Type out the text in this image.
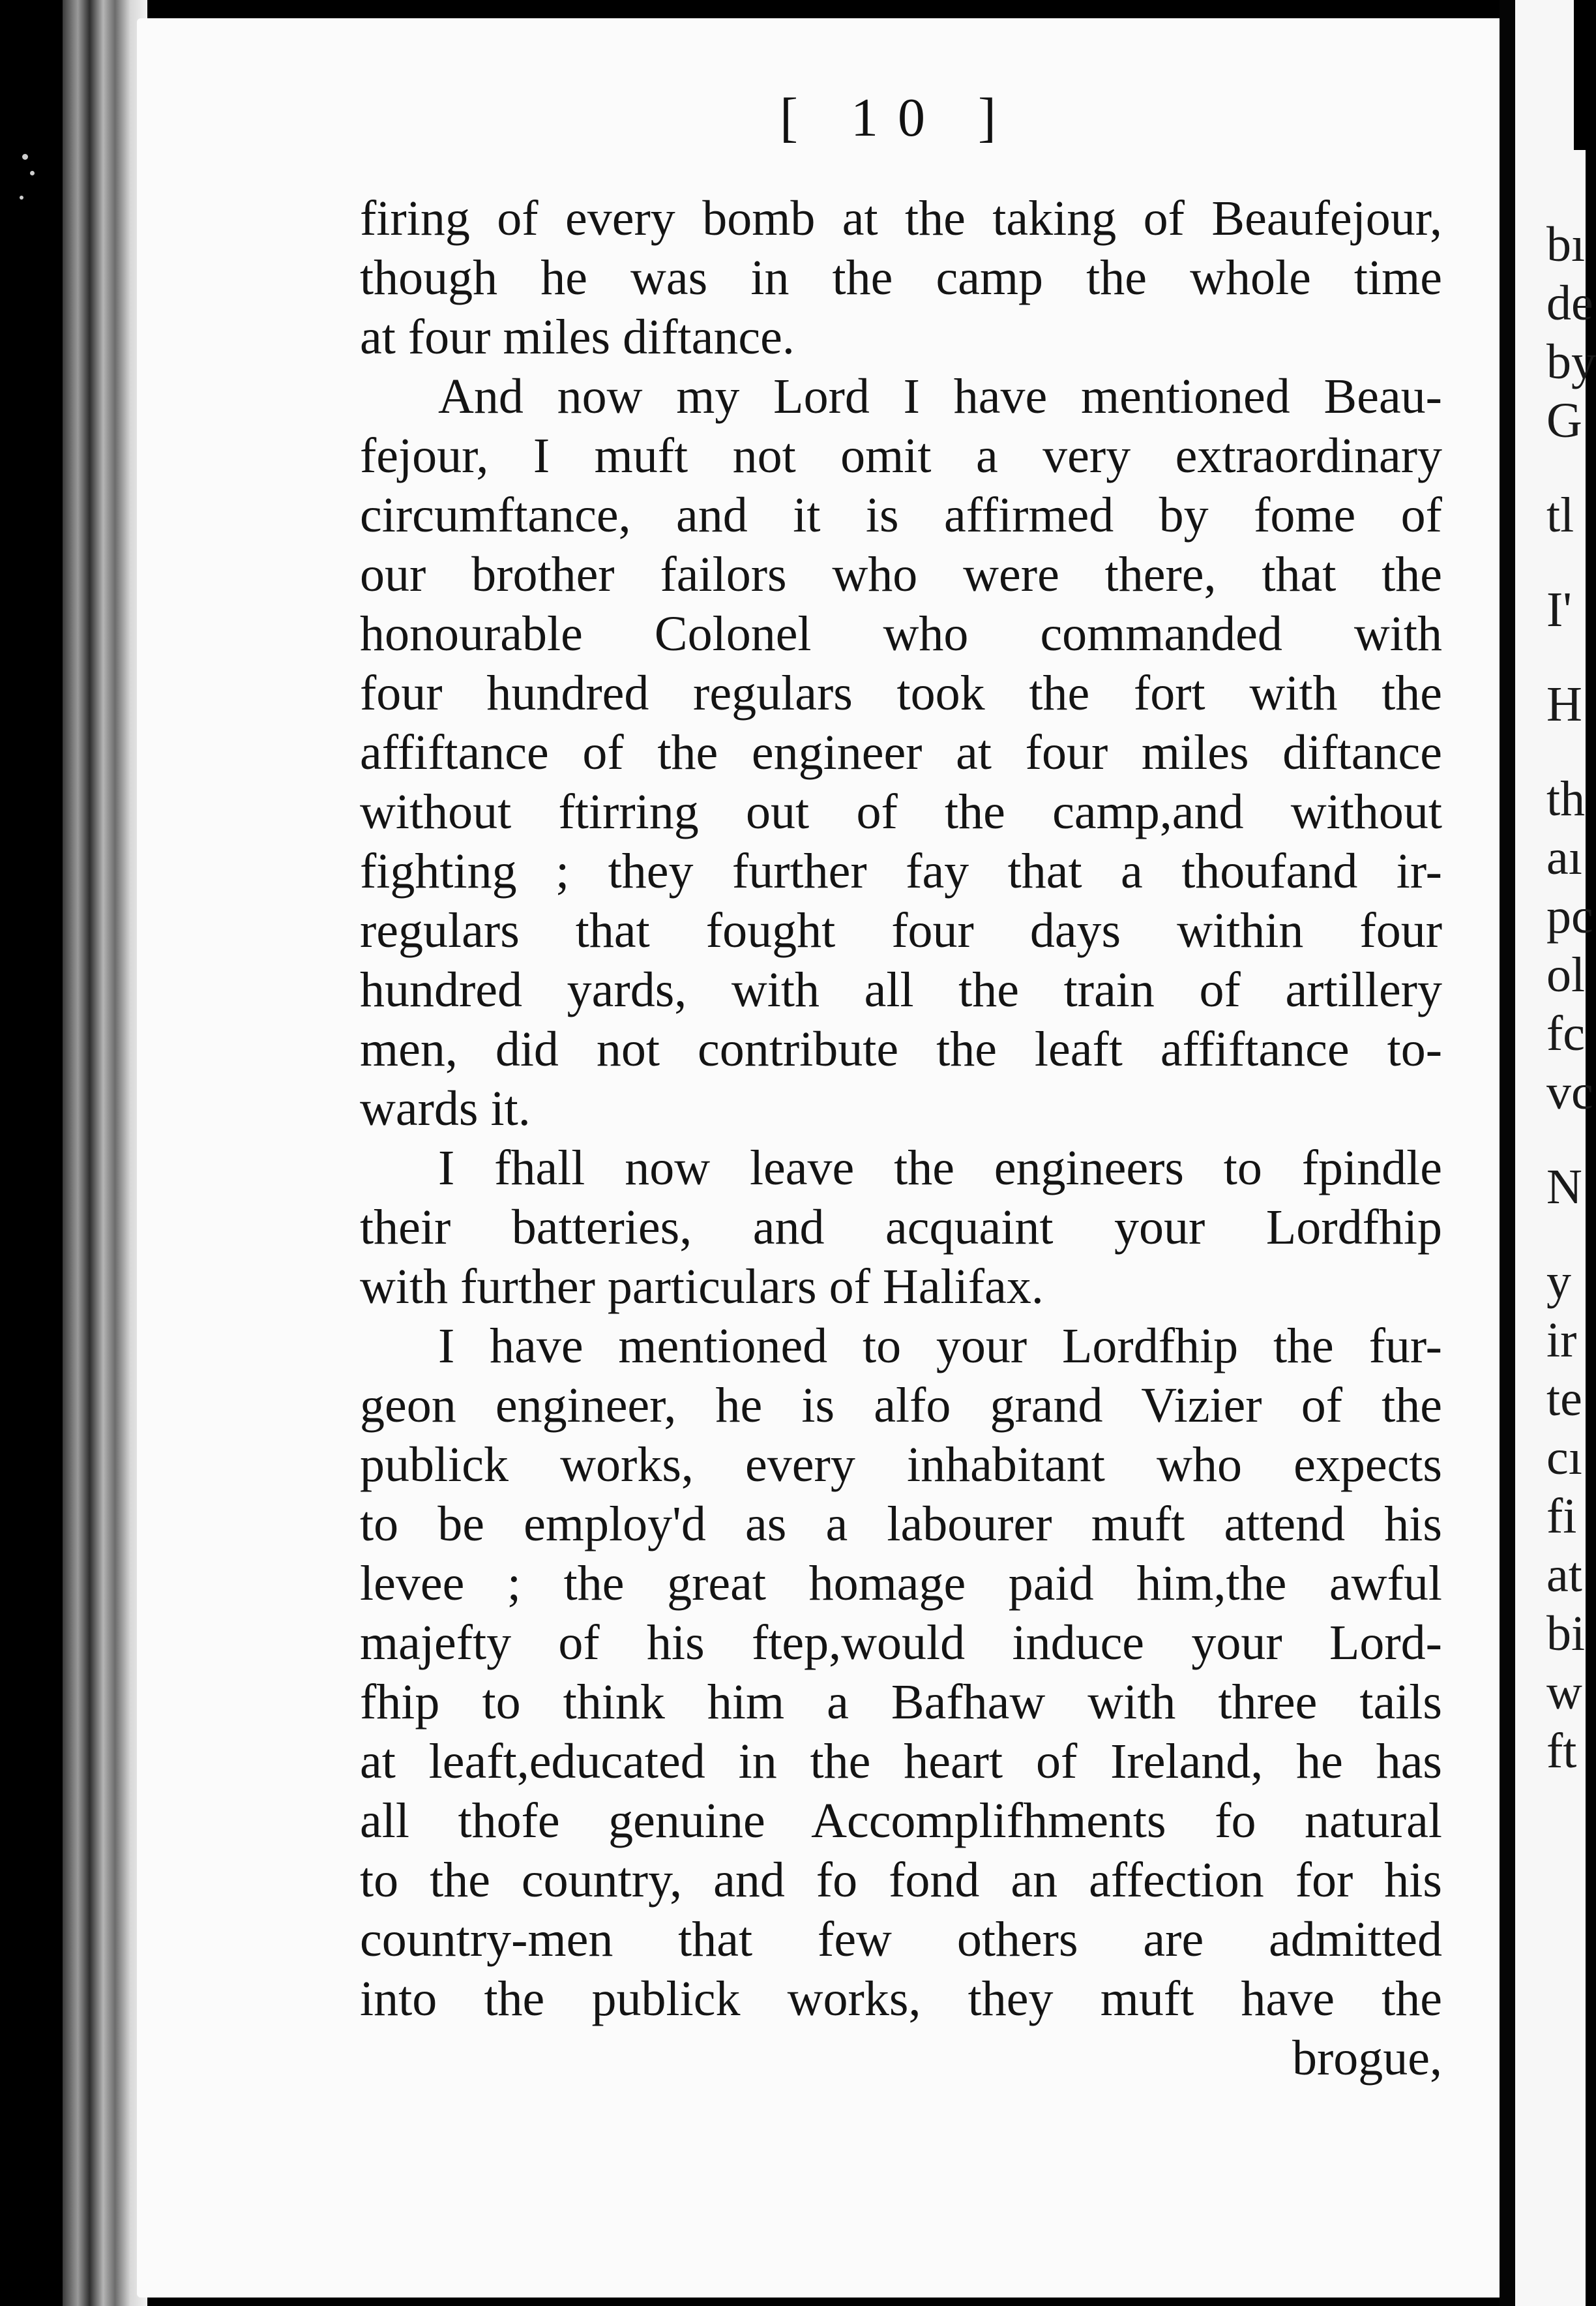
[ 10 ]
firing of every bomb at the taking of Beaufejour,
though he was in the camp the whole time
at four miles diftance.
And now my Lord I have mentioned Beau-
fejour, I muft not omit a very extraordinary
circumftance, and it is affirmed by fome of
our brother failors who were there, that the
honourable Colonel who commanded with
four hundred regulars took the fort with the
affiftance of the engineer at four miles diftance
without ftirring out of the camp,and without
fighting ; they further fay that a thoufand ir-
regulars that fought four days within four
hundred yards, with all the train of artillery
men, did not contribute the leaft affiftance to-
wards it.
I fhall now leave the engineers to fpindle
their batteries, and acquaint your Lordfhip
with further particulars of Halifax.
I have mentioned to your Lordfhip the fur-
geon engineer, he is alfo grand Vizier of the
publick works, every inhabitant who expects
to be employ'd as a labourer muft attend his
levee ; the great homage paid him,the awful
majefty of his ftep,would induce your Lord-
fhip to think him a Bafhaw with three tails
at leaft,educated in the heart of Ireland, he has
all thofe genuine Accomplifhments fo natural
to the country, and fo fond an affection for his
country-men that few others are admitted
into the publick works, they muft have the
brogue,
bı
de
by
G
tl
I'
H
th
aı
pc
ol
fc
vc
N
y
ir
te
cı
fi
at
bi
w
ft
